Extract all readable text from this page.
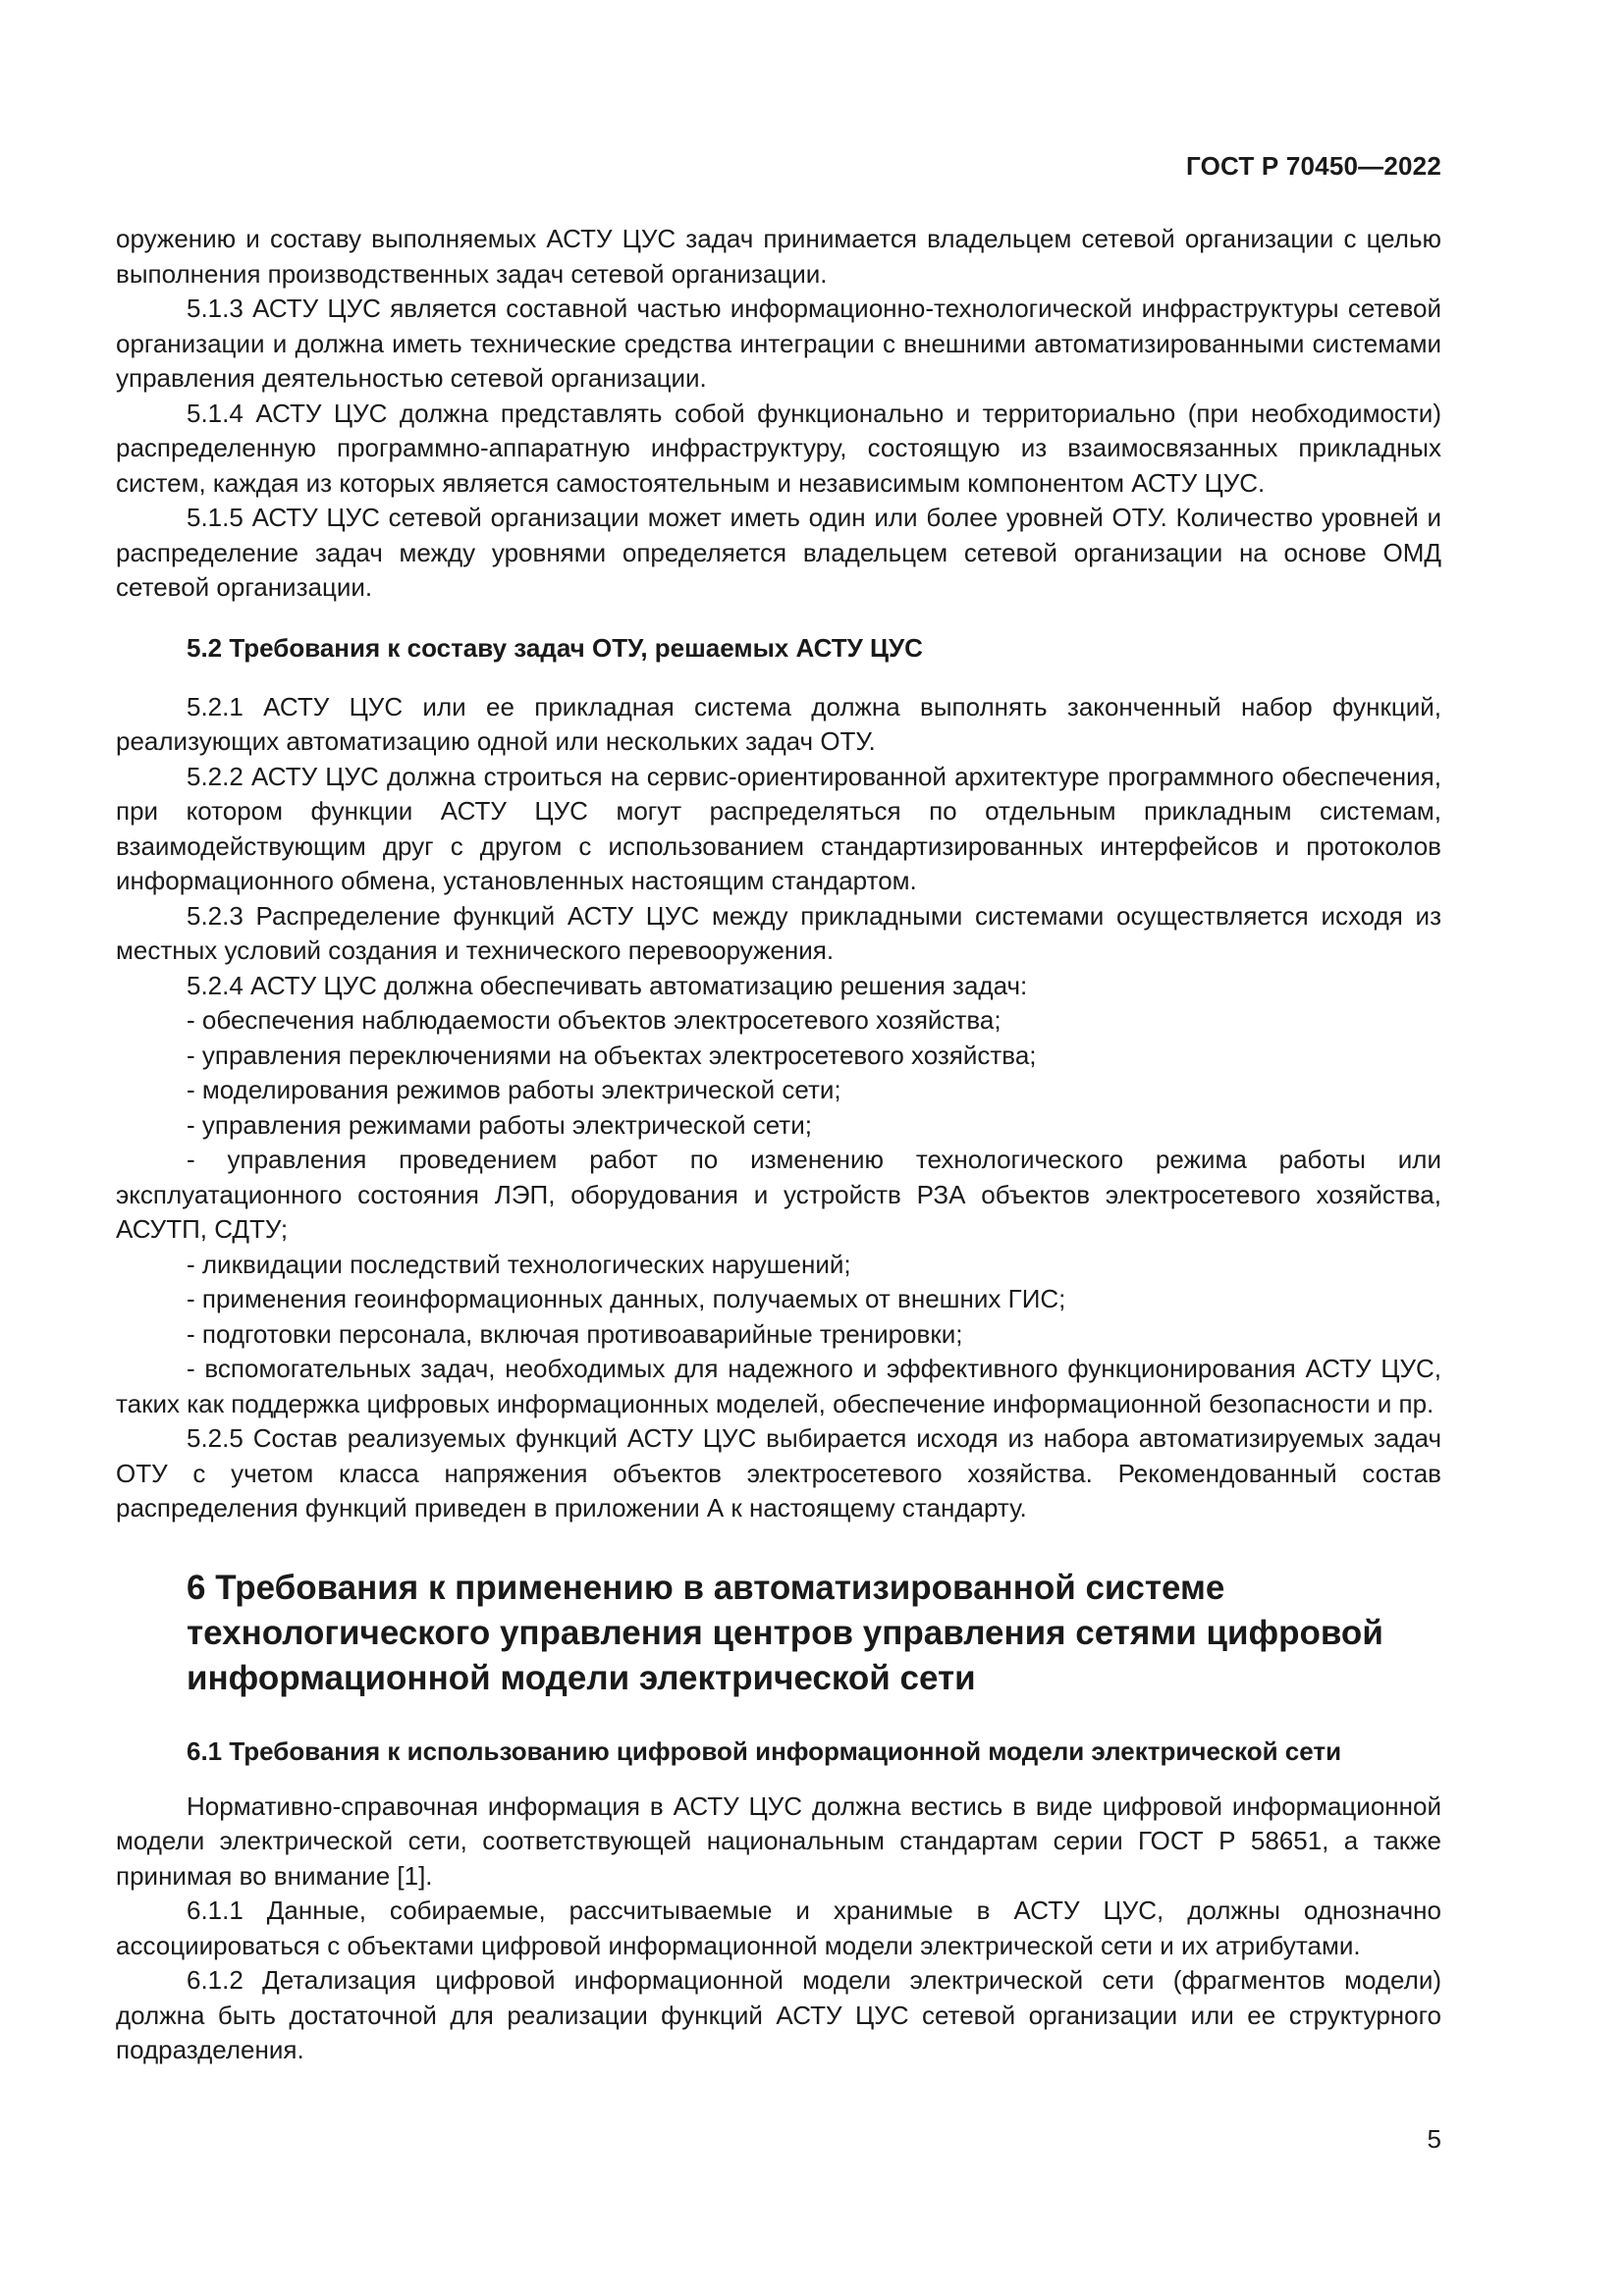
ГОСТ Р 70450—2022

оружению и составу выполняемых АСТУ ЦУС задач принимается владельцем сетевой организации с целью выполнения производственных задач сетевой организации.

5.1.3 АСТУ ЦУС является составной частью информационно-технологической инфраструктуры сетевой организации и должна иметь технические средства интеграции с внешними автоматизированными системами управления деятельностью сетевой организации.

5.1.4 АСТУ ЦУС должна представлять собой функционально и территориально (при необходимости) распределенную программно-аппаратную инфраструктуру, состоящую из взаимосвязанных прикладных систем, каждая из которых является самостоятельным и независимым компонентом АСТУ ЦУС.

5.1.5 АСТУ ЦУС сетевой организации может иметь один или более уровней ОТУ. Количество уровней и распределение задач между уровнями определяется владельцем сетевой организации на основе ОМД сетевой организации.

5.2 Требования к составу задач ОТУ, решаемых АСТУ ЦУС

5.2.1 АСТУ ЦУС или ее прикладная система должна выполнять законченный набор функций, реализующих автоматизацию одной или нескольких задач ОТУ.

5.2.2 АСТУ ЦУС должна строиться на сервис-ориентированной архитектуре программного обеспечения, при котором функции АСТУ ЦУС могут распределяться по отдельным прикладным системам, взаимодействующим друг с другом с использованием стандартизированных интерфейсов и протоколов информационного обмена, установленных настоящим стандартом.

5.2.3 Распределение функций АСТУ ЦУС между прикладными системами осуществляется исходя из местных условий создания и технического перевооружения.

5.2.4 АСТУ ЦУС должна обеспечивать автоматизацию решения задач:

- обеспечения наблюдаемости объектов электросетевого хозяйства;

- управления переключениями на объектах электросетевого хозяйства;

- моделирования режимов работы электрической сети;

- управления режимами работы электрической сети;

- управления проведением работ по изменению технологического режима работы или эксплуатационного состояния ЛЭП, оборудования и устройств РЗА объектов электросетевого хозяйства, АСУТП, СДТУ;

- ликвидации последствий технологических нарушений;

- применения геоинформационных данных, получаемых от внешних ГИС;

- подготовки персонала, включая противоаварийные тренировки;

- вспомогательных задач, необходимых для надежного и эффективного функционирования АСТУ ЦУС, таких как поддержка цифровых информационных моделей, обеспечение информационной безопасности и пр.

5.2.5 Состав реализуемых функций АСТУ ЦУС выбирается исходя из набора автоматизируемых задач ОТУ с учетом класса напряжения объектов электросетевого хозяйства. Рекомендованный состав распределения функций приведен в приложении А к настоящему стандарту.

6 Требования к применению в автоматизированной системе
технологического управления центров управления сетями цифровой
информационной модели электрической сети
6.1 Требования к использованию цифровой информационной модели электрической сети

Нормативно-справочная информация в АСТУ ЦУС должна вестись в виде цифровой информационной модели электрической сети, соответствующей национальным стандартам серии ГОСТ Р 58651, а также принимая во внимание [1].

6.1.1 Данные, собираемые, рассчитываемые и хранимые в АСТУ ЦУС, должны однозначно ассоциироваться с объектами цифровой информационной модели электрической сети и их атрибутами.

6.1.2 Детализация цифровой информационной модели электрической сети (фрагментов модели) должна быть достаточной для реализации функций АСТУ ЦУС сетевой организации или ее структурного подразделения.

5
